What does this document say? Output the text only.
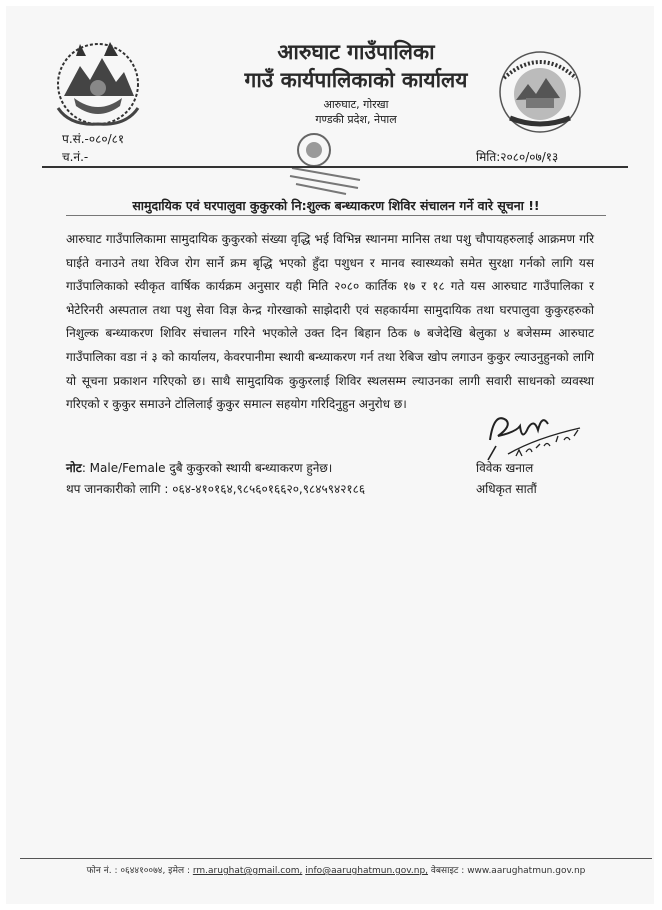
आरुघाट गाउँपालिका
गाउँ कार्यपालिकाको कार्यालय
आरुघाट, गोरखा
गण्डकी प्रदेश, नेपाल
प.सं.-०८०/८१
च.नं.-	मिति:२०८०/०७/१३
सामुदायिक एवं घरपालुवा कुकुरको नि:शुल्क बन्ध्याकरण शिविर संचालन गर्ने वारे सूचना !!
आरुघाट गाउँपालिकामा सामुदायिक कुकुरको संख्या वृद्धि भई विभिन्न स्थानमा मानिस तथा पशु चौपायहरुलाई आक्रमण गरि घाईते वनाउने तथा रेविज रोग सार्ने क्रम बृद्धि भएको हुँदा पशुधन र मानव स्वास्थ्यको समेत सुरक्षा गर्नको लागि यस गाउँपालिकाको स्वीकृत वार्षिक कार्यक्रम अनुसार यही मिति २०८० कार्तिक १७ र १८ गते यस आरुघाट गाउँपालिका र भेटेरिनरी अस्पताल तथा पशु सेवा विज्ञ केन्द्र गोरखाको साझेदारी एवं सहकार्यमा सामुदायिक तथा घरपालुवा कुकुरहरुको निशुल्क बन्ध्याकरण शिविर संचालन गरिने भएकोले उक्त दिन बिहान ठिक ७ बजेदेखि बेलुका ४ बजेसम्म आरुघाट गाउँपालिका वडा नं ३ को कार्यालय, केवरपानीमा स्थायी बन्ध्याकरण गर्न तथा रेबिज खोप लगाउन कुकुर ल्याउनुहुनको लागि यो सूचना प्रकाशन गरिएको छ। साथै सामुदायिक कुकुरलाई शिविर स्थलसम्म ल्याउनका लागी सवारी साधनको व्यवस्था गरिएको र कुकुर समाउने टोलिलाई कुकुर समात्न सहयोग गरिदिनुहुन अनुरोध छ।
नोट: Male/Female दुबै कुकुरको स्थायी बन्ध्याकरण हुनेछ।
थप जानकारीको लागि : ०६४-४१०१६४,९८५६०१६६२०,९८४५९४२१८६
विवेक खनाल
अधिकृत सातौं
फोन नं. : ०६४४१००७४, इमेल : rm.arughat@gmail.com, info@aarughatmun.gov.np, वेबसाइट : www.aarughatmun.gov.np
